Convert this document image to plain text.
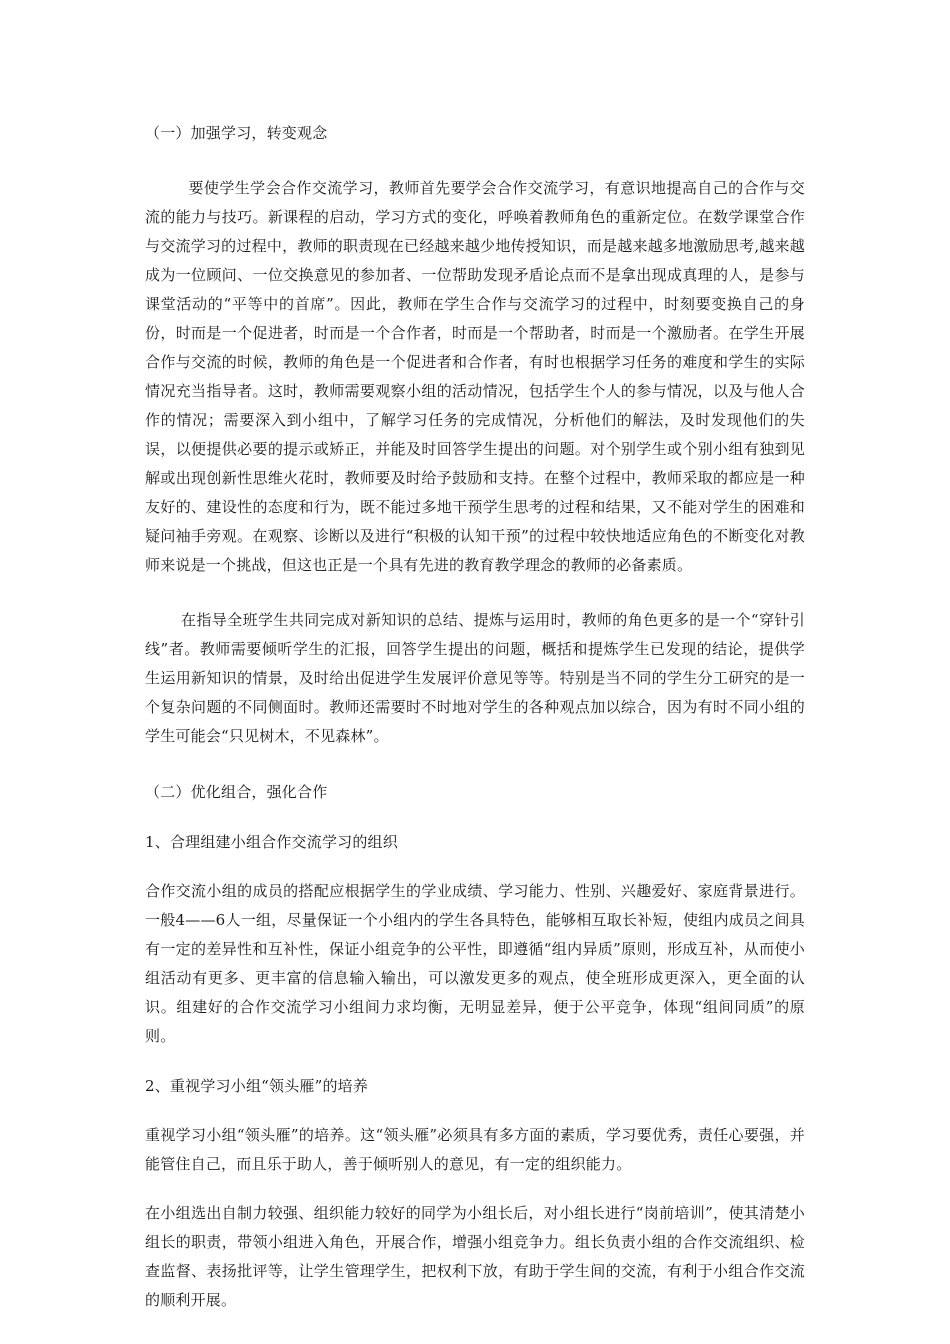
（一）加强学习，转变观念

要使学生学会合作交流学习，教师首先要学会合作交流学习，有意识地提高自己的合作与交流的能力与技巧。新课程的启动，学习方式的变化，呼唤着教师角色的重新定位。在数学课堂合作与交流学习的过程中，教师的职责现在已经越来越少地传授知识，而是越来越多地激励思考,越来越成为一位顾问、一位交换意见的参加者、一位帮助发现矛盾论点而不是拿出现成真理的人，是参与课堂活动的“平等中的首席”。因此，教师在学生合作与交流学习的过程中，时刻要变换自己的身份，时而是一个促进者，时而是一个合作者，时而是一个帮助者，时而是一个激励者。在学生开展合作与交流的时候，教师的角色是一个促进者和合作者，有时也根据学习任务的难度和学生的实际情况充当指导者。这时，教师需要观察小组的活动情况，包括学生个人的参与情况，以及与他人合作的情况；需要深入到小组中，了解学习任务的完成情况，分析他们的解法，及时发现他们的失误，以便提供必要的提示或矫正，并能及时回答学生提出的问题。对个别学生或个别小组有独到见解或出现创新性思维火花时，教师要及时给予鼓励和支持。在整个过程中，教师采取的都应是一种友好的、建设性的态度和行为，既不能过多地干预学生思考的过程和结果，又不能对学生的困难和疑问袖手旁观。在观察、诊断以及进行“积极的认知干预”的过程中较快地适应角色的不断变化对教师来说是一个挑战，但这也正是一个具有先进的教育教学理念的教师的必备素质。

在指导全班学生共同完成对新知识的总结、提炼与运用时，教师的角色更多的是一个“穿针引线”者。教师需要倾听学生的汇报，回答学生提出的问题，概括和提炼学生已发现的结论，提供学生运用新知识的情景，及时给出促进学生发展评价意见等等。特别是当不同的学生分工研究的是一个复杂问题的不同侧面时。教师还需要时不时地对学生的各种观点加以综合，因为有时不同小组的学生可能会“只见树木，不见森林”。

（二）优化组合，强化合作

1、合理组建小组合作交流学习的组织

合作交流小组的成员的搭配应根据学生的学业成绩、学习能力、性别、兴趣爱好、家庭背景进行。一般4——6人一组，尽量保证一个小组内的学生各具特色，能够相互取长补短，使组内成员之间具有一定的差异性和互补性，保证小组竞争的公平性，即遵循“组内异质”原则，形成互补，从而使小组活动有更多、更丰富的信息输入输出，可以激发更多的观点，使全班形成更深入，更全面的认识。组建好的合作交流学习小组间力求均衡，无明显差异，便于公平竞争，体现“组间同质”的原则。

2、重视学习小组“领头雁”的培养

重视学习小组“领头雁”的培养。这“领头雁”必须具有多方面的素质，学习要优秀，责任心要强，并能管住自己，而且乐于助人，善于倾听别人的意见，有一定的组织能力。

在小组选出自制力较强、组织能力较好的同学为小组长后，对小组长进行“岗前培训”，使其清楚小组长的职责，带领小组进入角色，开展合作，增强小组竞争力。组长负责小组的合作交流组织、检查监督、表扬批评等，让学生管理学生，把权利下放，有助于学生间的交流，有利于小组合作交流的顺利开展。
